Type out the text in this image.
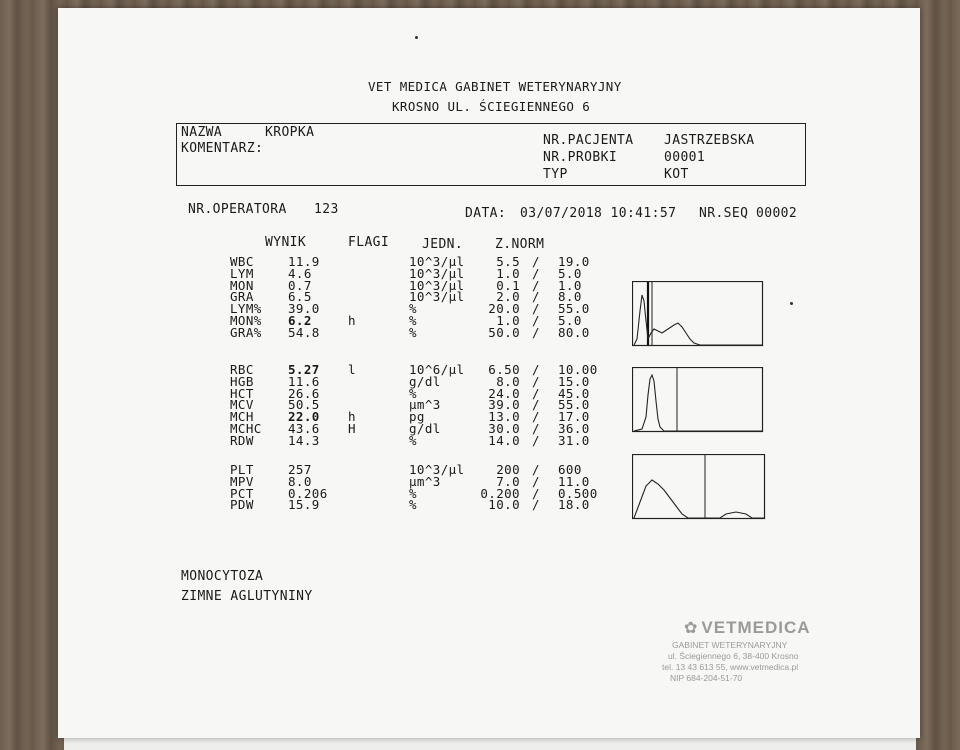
VET MEDICA GABINET WETERYNARYJNY
KROSNO UL. ŚCIEGIENNEGO 6
NAZWA	KROPKA
KOMENTARZ:
NR.PACJENTA JASTRZEBSKA
NR.PROBKI	00001
TYP	KOT
NR.OPERATORA 123	DATA: 03/07/2018 10:41:57 NR.SEQ 00002
WYNIK	FLAGI	JEDN. Z.NORM
WBC	11.9	10^3/µl	5.5 / 19.0
LYM	4.6	10^3/µl	1.0 / 5.0
MON	0.7	10^3/µl	0.1 / 1.0
GRA	6.5	10^3/µl	2.0 / 8.0
LYM% 39.0	%	20.0 / 55.0
MON% 6.2	h	%	1.0 / 5.0
GRA% 54.8	%	50.0 / 80.0
RBC	5.27 l	10^6/µl	6.50 / 10.00
HGB	11.6	g/dl	8.0 / 15.0
HCT	26.6	%	24.0 / 45.0
MCV	50.5	µm^3	39.0 / 55.0
MCH	22.0 h	pg	13.0 / 17.0
MCHC 43.6 H	g/dl	30.0 / 36.0
RDW	14.3	%	14.0 / 31.0
PLT	257	10^3/µl	200 / 600
MPV	8.0	µm^3	7.0 / 11.0
PCT	0.206	%	0.200 / 0.500
PDW	15.9	%	10.0 / 18.0
MONOCYTOZA
ZIMNE AGLUTYNINY
✿ VETMEDICA
GABINET WETERYNARYJNY
ul. Ściegiennego 6, 38-400 Krosno
tel. 13 43 613 55, www.vetmedica.pl
NIP 684-204-51-70
